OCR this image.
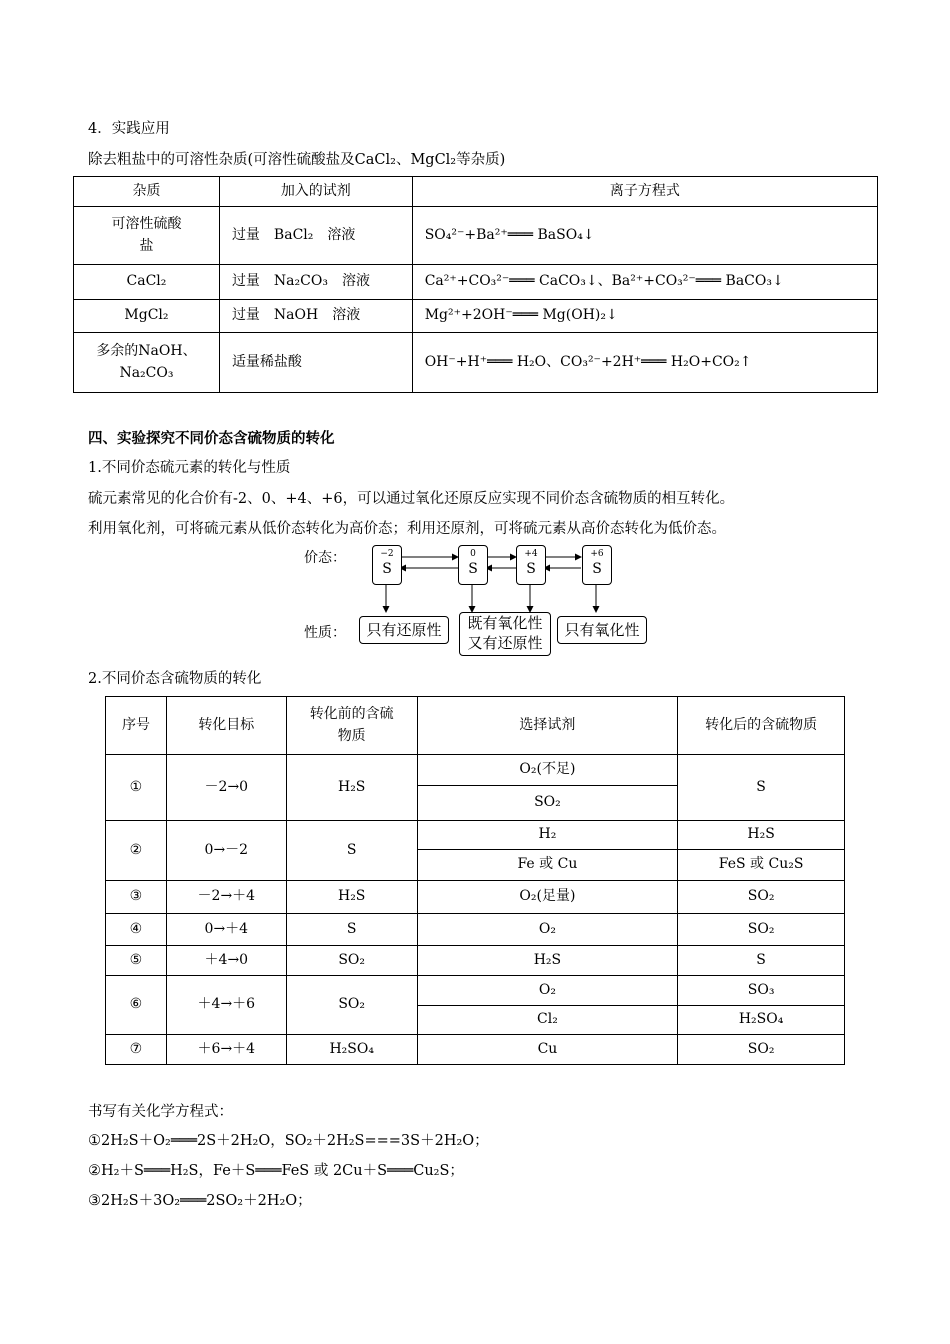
4．实践应用
除去粗盐中的可溶性杂质(可溶性硫酸盐及CaCl₂、MgCl₂等杂质)
杂质	加入的试剂	离子方程式
可溶性硫酸盐	过量　BaCl₂　溶液	SO₄²⁻+Ba²⁺═══ BaSO₄↓
CaCl₂	过量　Na₂CO₃　溶液	Ca²⁺+CO₃²⁻═══ CaCO₃↓、Ba²⁺+CO₃²⁻═══ BaCO₃↓
MgCl₂	过量　NaOH　溶液	Mg²⁺+2OH⁻═══ Mg(OH)₂↓
多余的NaOH、Na₂CO₃	适量稀盐酸	OH⁻+H⁺═══ H₂O、CO₃²⁻+2H⁺═══ H₂O+CO₂↑
四、实验探究不同价态含硫物质的转化
1.不同价态硫元素的转化与性质
硫元素常见的化合价有-2、0、+4、+6，可以通过氧化还原反应实现不同价态含硫物质的相互转化。
利用氧化剂，可将硫元素从低价态转化为高价态；利用还原剂，可将硫元素从高价态转化为低价态。
价态：
性质：
−2
S
0
S
+4
S
+6
S
只有还原性	既有氧化性
又有还原性
只有氧化性
2.不同价态含硫物质的转化
序号	转化目标	转化前的含硫物质	选择试剂	转化后的含硫物质
①	－2→0	H₂S	O₂(不足)	S
			SO₂	
②	0→－2	S	H₂	H₂S
			Fe 或 Cu	FeS 或 Cu₂S
③	－2→＋4	H₂S	O₂(足量)	SO₂
④	0→＋4	S	O₂	SO₂
⑤	＋4→0	SO₂	H₂S	S
⑥	＋4→＋6	SO₂	O₂	SO₃
			Cl₂	H₂SO₄
⑦	＋6→＋4	H₂SO₄	Cu	SO₂
书写有关化学方程式：
①2H₂S＋O₂═══2S＋2H₂O，SO₂＋2H₂S===3S＋2H₂O；
②H₂＋S═══H₂S，Fe＋S═══FeS 或 2Cu＋S═══Cu₂S；
③2H₂S＋3O₂═══2SO₂＋2H₂O；
